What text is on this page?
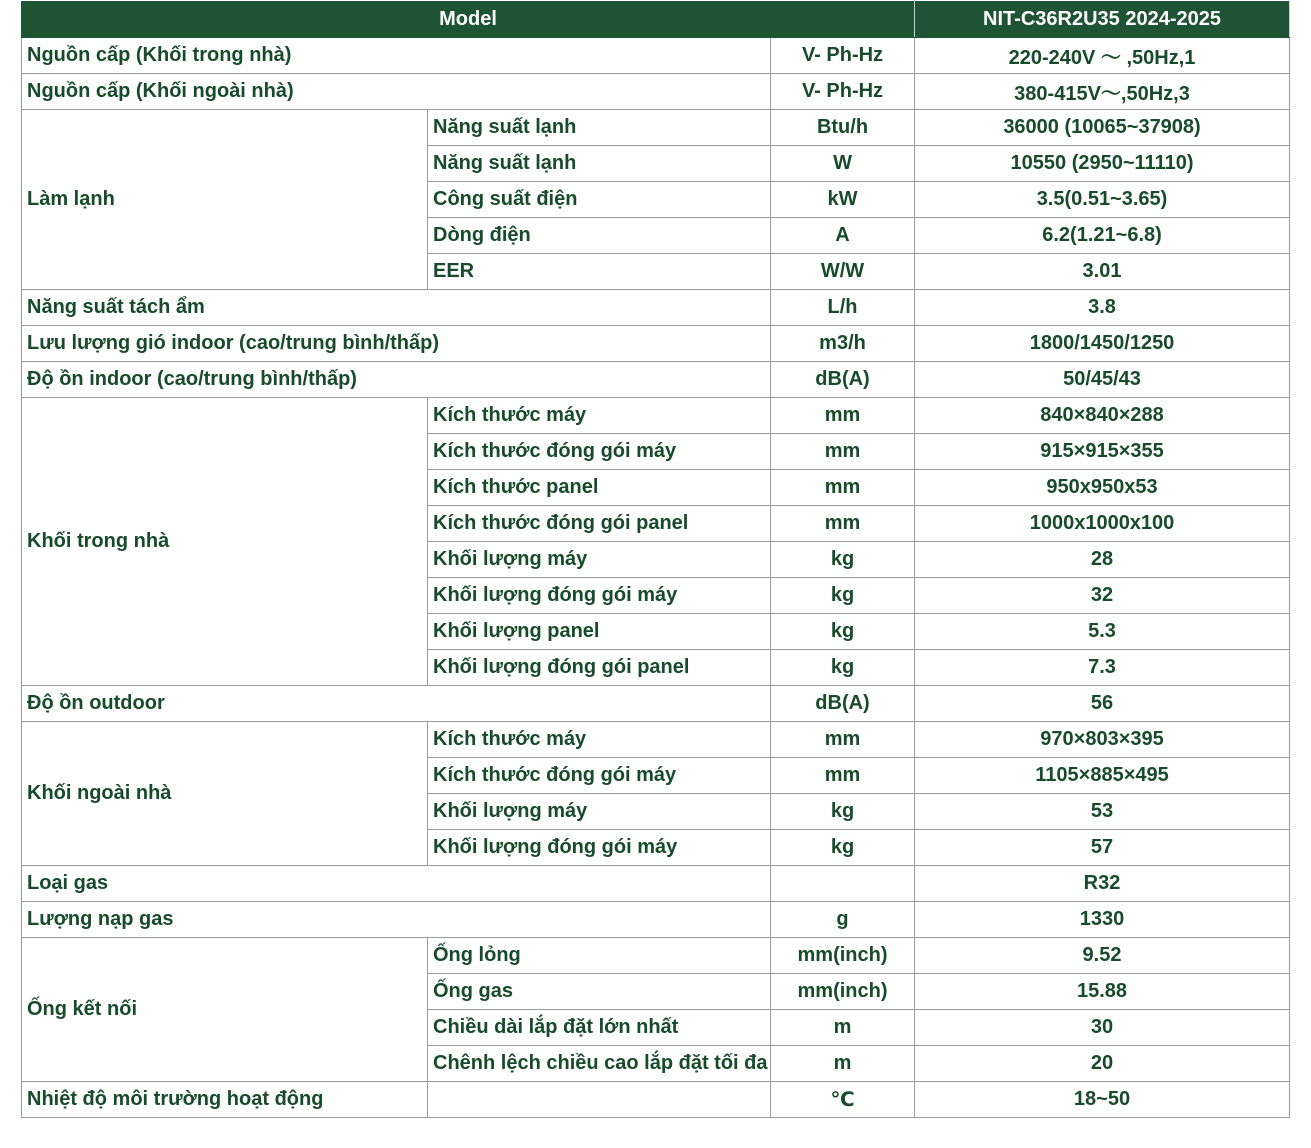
Model			NIT-C36R2U35 2024-2025
Nguồn cấp (Khối trong nhà)		V- Ph-Hz	220-240V ～ ,50Hz,1
Nguồn cấp (Khối ngoài nhà)		V- Ph-Hz	380-415V～,50Hz,3
Làm lạnh	Năng suất lạnh	Btu/h	36000 (10065~37908)
	Năng suất lạnh	W	10550 (2950~11110)
	Công suất điện	kW	3.5(0.51~3.65)
	Dòng điện	A	6.2(1.21~6.8)
	EER	W/W	3.01
Năng suất tách ẩm		L/h	3.8
Lưu lượng gió indoor (cao/trung bình/thấp)		m3/h	1800/1450/1250
Độ ồn indoor (cao/trung bình/thấp)		dB(A)	50/45/43
Khối trong nhà	Kích thước máy	mm	840×840×288
	Kích thước đóng gói máy	mm	915×915×355
	Kích thước panel	mm	950x950x53
	Kích thước đóng gói panel	mm	1000x1000x100
	Khối lượng máy	kg	28
	Khối lượng đóng gói máy	kg	32
	Khối lượng panel	kg	5.3
	Khối lượng đóng gói panel	kg	7.3
Độ ồn outdoor		dB(A)	56
Khối ngoài nhà	Kích thước máy	mm	970×803×395
	Kích thước đóng gói máy	mm	1105×885×495
	Khối lượng máy	kg	53
	Khối lượng đóng gói máy	kg	57
Loại gas			R32
Lượng nạp gas		g	1330
Ống kết nối	Ống lỏng	mm(inch)	9.52
	Ống gas	mm(inch)	15.88
	Chiều dài lắp đặt lớn nhất	m	30
	Chênh lệch chiều cao lắp đặt tối đa	m	20
Nhiệt độ môi trường hoạt động		℃	18~50
